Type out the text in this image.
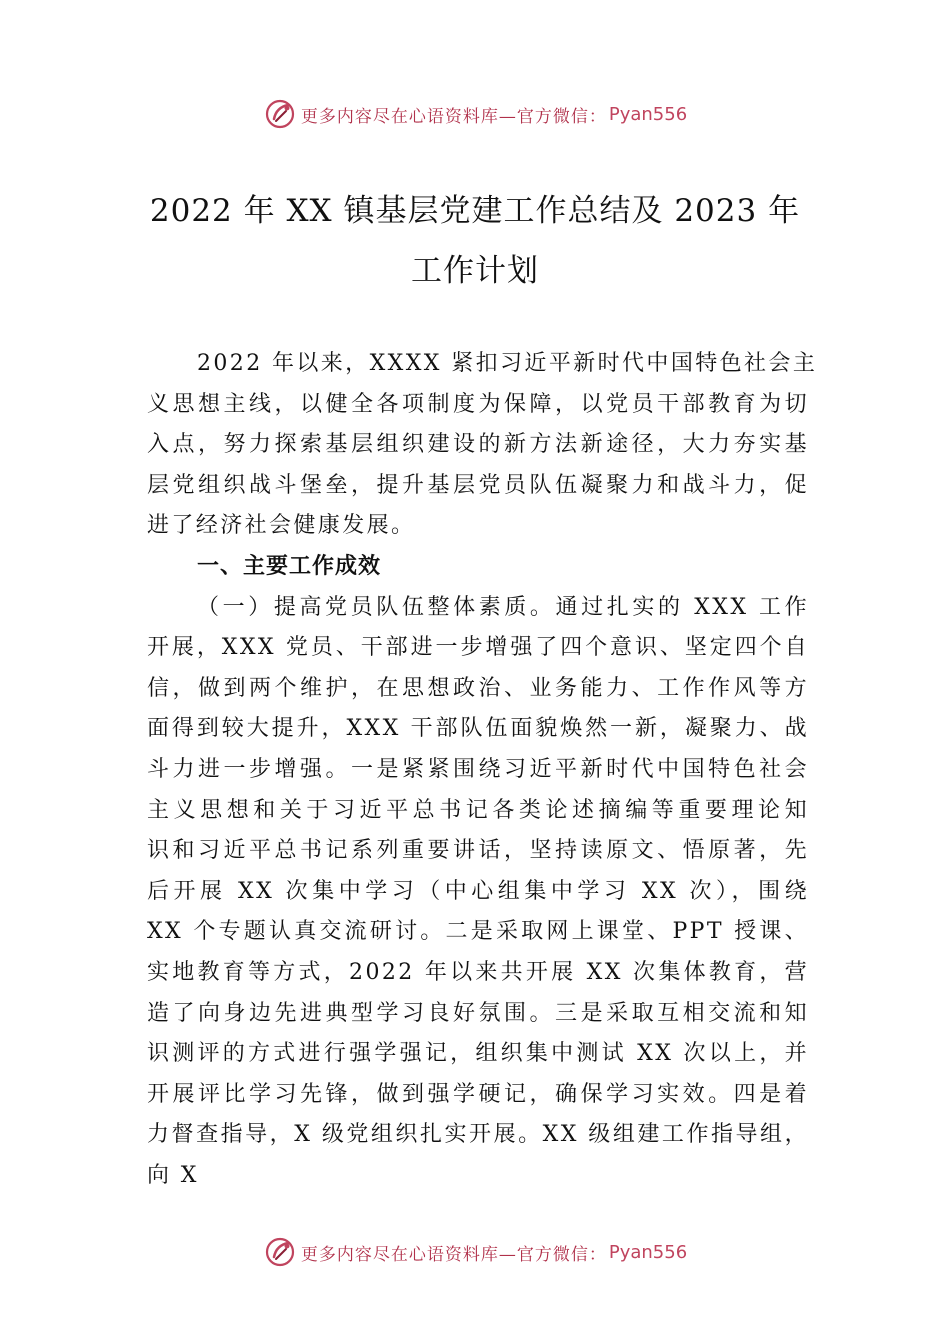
更多内容尽在心语资料库—官方微信： Pyan556
2022 年 XX 镇基层党建工作总结及 2023 年
工作计划
2022 年以来，XXXX 紧扣习近平新时代中国特色社会主
义思想主线，以健全各项制度为保障，以党员干部教育为切
入点，努力探索基层组织建设的新方法新途径，大力夯实基
层党组织战斗堡垒，提升基层党员队伍凝聚力和战斗力，促
进了经济社会健康发展。
一、主要工作成效
（一）提高党员队伍整体素质。通过扎实的 XXX 工作
开展，XXX 党员、干部进一步增强了四个意识、坚定四个自
信，做到两个维护，在思想政治、业务能力、工作作风等方
面得到较大提升，XXX 干部队伍面貌焕然一新，凝聚力、战
斗力进一步增强。一是紧紧围绕习近平新时代中国特色社会
主义思想和关于习近平总书记各类论述摘编等重要理论知
识和习近平总书记系列重要讲话，坚持读原文、悟原著，先
后开展 XX 次集中学习（中心组集中学习 XX 次），围绕
XX 个专题认真交流研讨。二是采取网上课堂、PPT 授课、
实地教育等方式，2022 年以来共开展 XX 次集体教育，营
造了向身边先进典型学习良好氛围。三是采取互相交流和知
识测评的方式进行强学强记，组织集中测试 XX 次以上，并
开展评比学习先锋，做到强学硬记，确保学习实效。四是着
力督查指导，X 级党组织扎实开展。XX 级组建工作指导组，
向 X
更多内容尽在心语资料库—官方微信： Pyan556
